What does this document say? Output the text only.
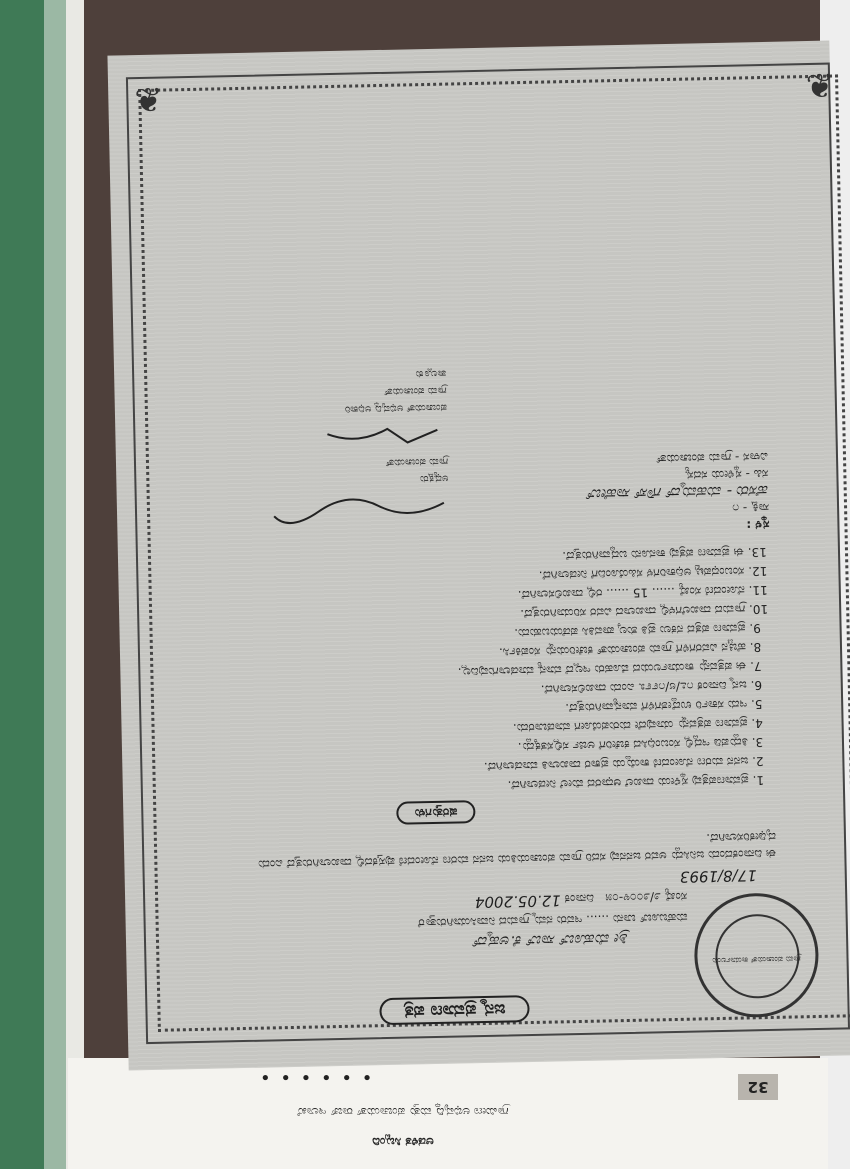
ಗ್ರಾಮೀಣ ಅಭಿವೃದ್ಧಿ ಮತ್ತು ಪಂಚಾಯತ್ ರಾಜ್ ಇಲಾಖೆ
ಆಡಳಿತ ಸಿಬ್ಬಂದಿ
• • • • • •	32
❦	❦
ಗ್ರಾಮ ಪಂಚಾಯತ್ ಕಾರ್ಯಾಲಯ
ಜನ್ಮ ಪ್ರಮಾಣ ಪತ್ರ
ಶ್ರೀ ಮೆಹೂಬ್ ಸಾಬ್ ಕೆ.ಅಹ್ಮದ್
ಮಹೆಬೂಬ್ ಬಾನು ...... ಇವರು ನಮ್ಮ ಗ್ರಾಮದ ನಿವಾಸಿಯಾಗಿರುತ್ತಾರೆ
ಸಂಖ್ಯೆ ೨/೨೦೦೪-೦೫   ದಿನಾಂಕ 12.05.2004
17/8/1993
ಈ ದಿನಾಂಕದಂದು ಜನಿಸಿದ್ದು ಅವರ ಜನನವು ಸದರಿ ಗ್ರಾಮ ಪಂಚಾಯತಿಯ ಜನನ ಮರಣ ನೋಂದಣಿ ಪುಸ್ತಕದಲ್ಲಿ ದಾಖಲಾಗಿರುತ್ತದೆ ಎಂದು ದೃಢೀಕರಿಸಲಾಗಿದೆ.
ಷರತ್ತುಗಳು
1. ಪ್ರಮಾಣಪತ್ರವು ಸ್ಥಳೀಯ ದಾಖಲೆ ಆಧಾರದ ಮೇಲೆ ನೀಡಲಾಗಿದೆ.
2. ಜನನ ಮರಣ ನೋಂದಣಿ ಕಾಯ್ದೆಯ ಪ್ರಕಾರ ದಾಖಲಾತಿ ಮಾಡಲಾಗಿದೆ.
3. ತಿದ್ದುಪಡಿ ಇದ್ದಲ್ಲಿ ಸಂಬಂಧಿಸಿದ ಕಚೇರಿಗೆ ಅರ್ಜಿ ಸಲ್ಲಿಸತಕ್ಕದ್ದು.
4. ಪ್ರಮಾಣ ಪತ್ರವನ್ನು ಯಾವುದೇ ದುರುಪಯೋಗ ಮಾಡಬಾರದು.
5. ಇದು ಸರ್ಕಾರಿ ಉದ್ದೇಶಗಳಿಗೆ ಮಾನ್ಯವಾಗಿರುತ್ತದೆ.
6. ಜನ್ಮ ದಿನಾಂಕ ೧೭/೮/೧೯೯೩ ಎಂದು ದಾಖಲಿಸಲಾಗಿದೆ.
7. ಈ ಪತ್ರವನ್ನು ಕಾರ್ಯಾಲಯದ ಮೊಹರು ಇಲ್ಲದೆ ಮಾನ್ಯ ಮಾಡಲಾಗುವುದಿಲ್ಲ.
8. ಹೆಚ್ಚಿನ ವಿವರಗಳಿಗೆ ಗ್ರಾಮ ಪಂಚಾಯತ್ ಕಚೇರಿಯನ್ನು ಸಂಪರ್ಕಿಸಿ.
9. ಪ್ರಮಾಣ ಪತ್ರದ ನಕಲು ಪ್ರತಿ ಶುಲ್ಕ ಪಾವತಿಸಿ ಪಡೆಯಬಹುದು.
10. ಗ್ರಾಮದ ದಾಖಲೆಗಳಲ್ಲಿ ದಾಖಲಾದ ವಿವರ ಸರಿಯಾಗಿರುತ್ತದೆ.
11. ನೋಂದಣಿ ಸಂಖ್ಯೆ ...... 15 ...... ರಲ್ಲಿ ದಾಖಲಿಸಲಾಗಿದೆ.
12. ಸಂಬಂಧಪಟ್ಟ ಅಧಿಕಾರಿಗಳ ಸಹಿಯೊಂದಿಗೆ ನೀಡಲಾಗಿದೆ.
13. ಈ ಪ್ರಮಾಣ ಪತ್ರವು ಕಾನೂನು ಬದ್ಧವಾಗಿರುತ್ತದೆ.
ಸ್ಥಳ :
ಸಾಕ್ಷಿ - ೧
ಹೆಸರು - ಮಹಮ್ಮದ್ ಗೌಸ್ ಸಾಹೇಬ್
ಸಹಿ - ಸ್ಥಳೀಯ ಸದಸ್ಯ
ವಿಳಾಸ - ಗ್ರಾಮ ಪಂಚಾಯತ್
ಅಧ್ಯಕ್ಷರು
ಗ್ರಾಮ ಪಂಚಾಯತ್
ಪಂಚಾಯತ್ ಅಭಿವೃದ್ಧಿ ಅಧಿಕಾರಿ
ಗ್ರಾಮ ಪಂಚಾಯತ್
ತಾಲ್ಲೂಕು
